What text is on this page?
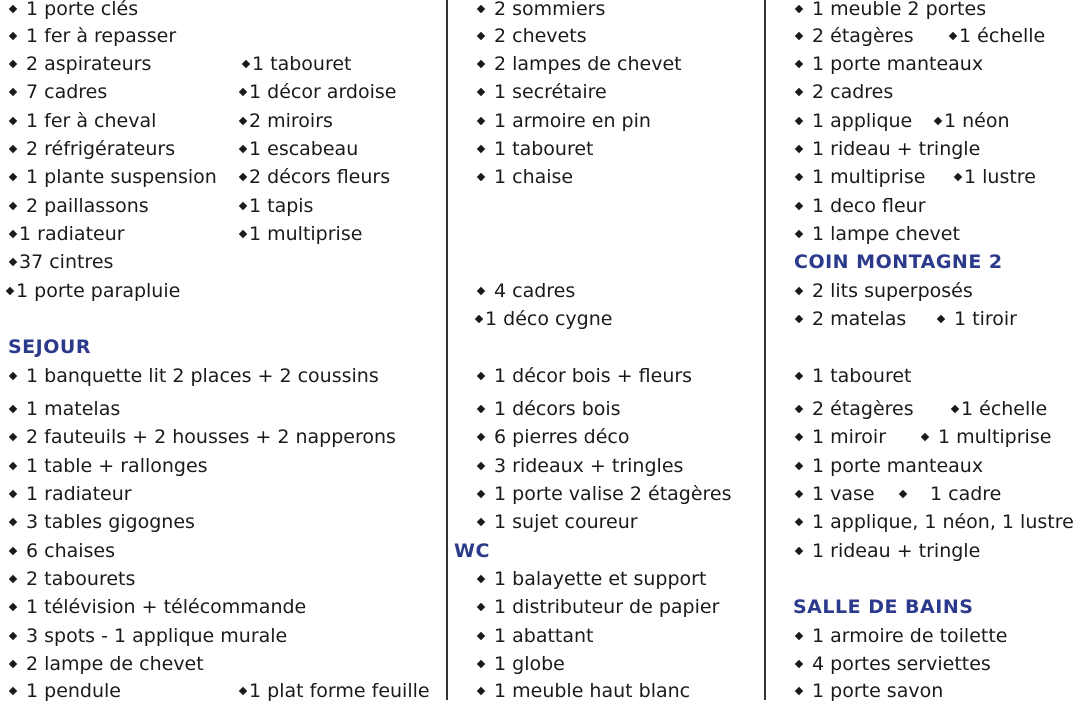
1 porte clés
1 fer à repasser
2 aspirateurs
7 cadres
1 fer à cheval
2 réfrigérateurs
1 plante suspension
2 paillassons
1 radiateur
37 cintres
1 porte parapluie
1 tabouret
1 décor ardoise
2 miroirs
1 escabeau
2 décors fleurs
1 tapis
1 multiprise
SEJOUR
1 banquette lit 2 places + 2 coussins
1 matelas
2 fauteuils + 2 housses + 2 napperons
1 table + rallonges
1 radiateur
3 tables gigognes
6 chaises
2 tabourets
1 télévision + télécommande
3 spots - 1 applique murale
2 lampe de chevet
1 pendule	1 plat forme feuille
2 sommiers
2 chevets
2 lampes de chevet
1 secrétaire
1 armoire en pin
1 tabouret
1 chaise
4 cadres
1 déco cygne
1 décor bois + fleurs
1 décors bois
6 pierres déco
3 rideaux + tringles
1 porte valise 2 étagères
1 sujet coureur
WC
1 balayette et support
1 distributeur de papier
1 abattant
1 globe
1 meuble haut blanc
1 meuble 2 portes
2 étagères
1 porte manteaux
2 cadres
1 applique
1 rideau + tringle
1 multiprise
1 deco fleur
1 lampe chevet
1 échelle
1 néon
1 lustre
COIN MONTAGNE 2
2 lits superposés
2 matelas	1 tiroir
1 tabouret
2 étagères
1 miroir
1 porte manteaux
1 vase
1 applique, 1 néon, 1 lustre
1 rideau + tringle
1 échelle
1 multiprise
1 cadre
SALLE DE BAINS
1 armoire de toilette
4 portes serviettes
1 porte savon
